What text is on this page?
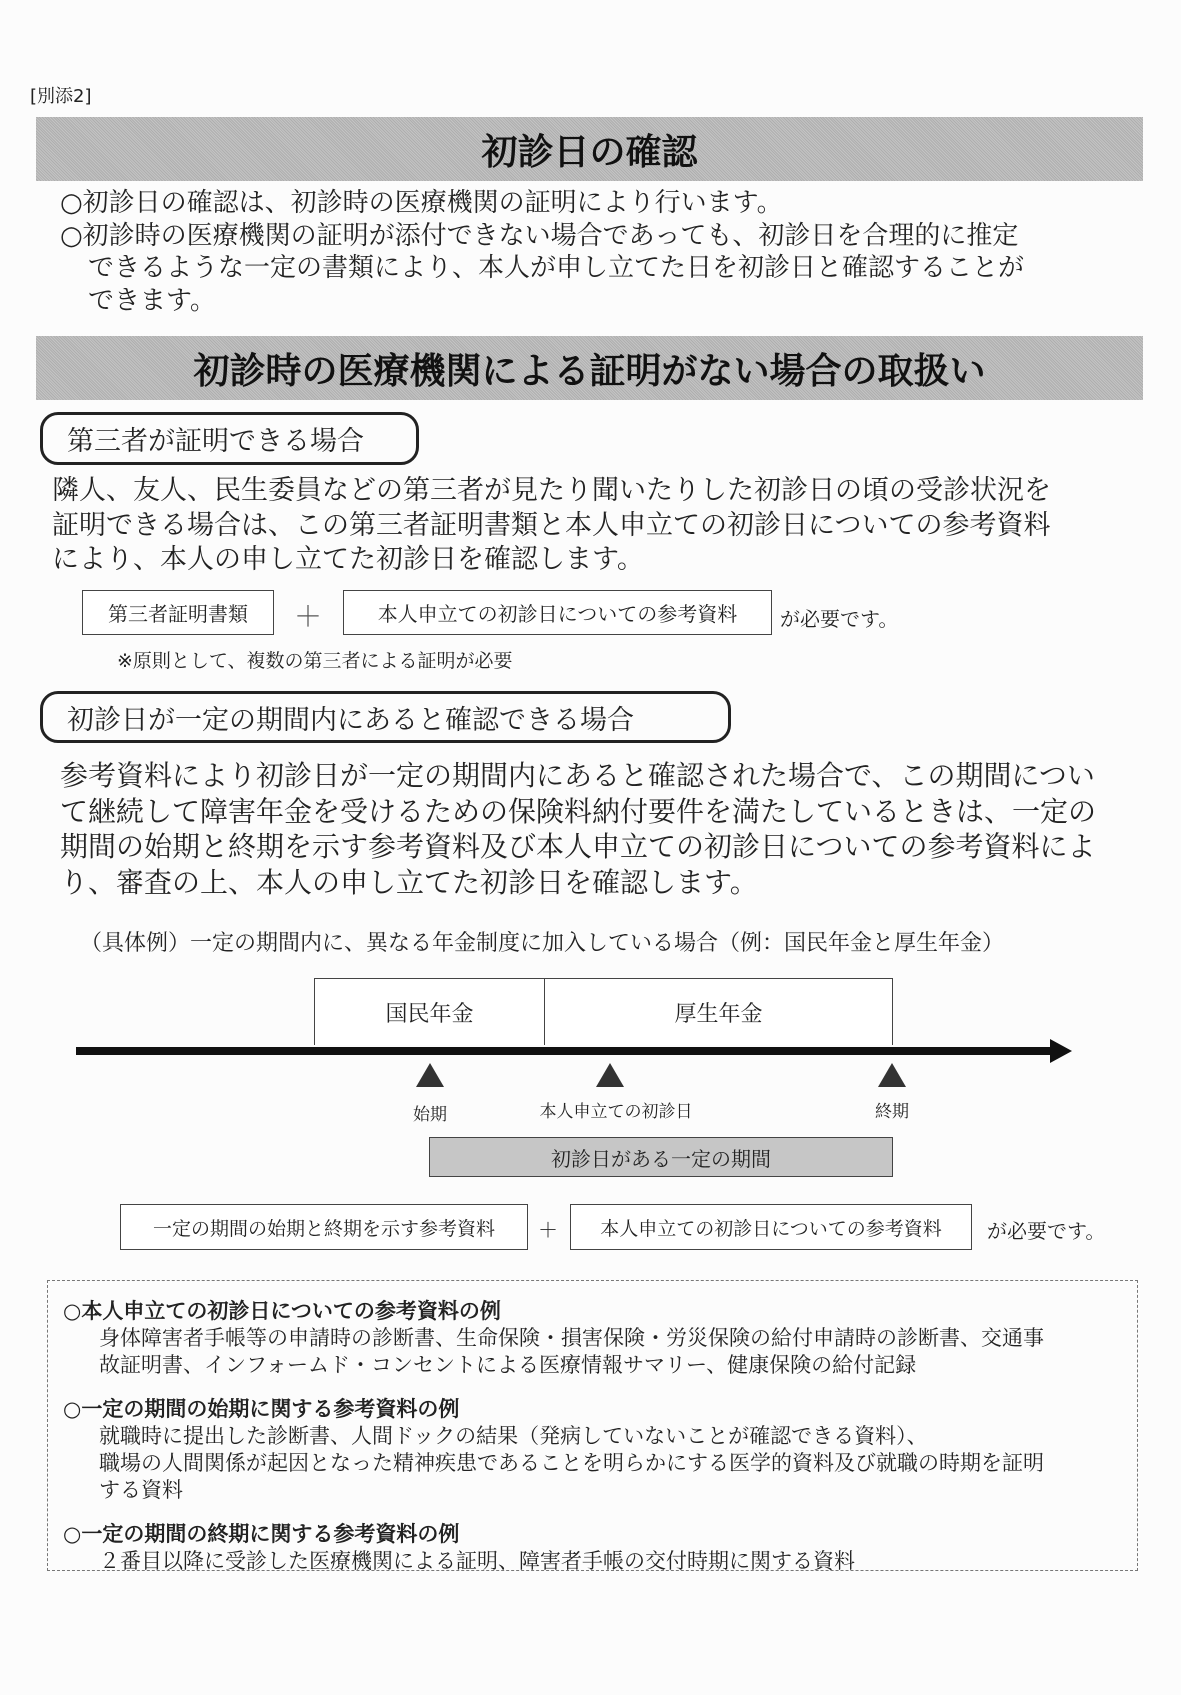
[別添2]
初診日の確認
○初診日の確認は、初診時の医療機関の証明により行います。
○初診時の医療機関の証明が添付できない場合であっても、初診日を合理的に推定
できるような一定の書類により、本人が申し立てた日を初診日と確認することが
できます。
初診時の医療機関による証明がない場合の取扱い
第三者が証明できる場合
隣人、友人、民生委員などの第三者が見たり聞いたりした初診日の頃の受診状況を
証明できる場合は、この第三者証明書類と本人申立ての初診日についての参考資料
により、本人の申し立てた初診日を確認します。
第三者証明書類	＋	本人申立ての初診日についての参考資料	が必要です。
※原則として、複数の第三者による証明が必要
初診日が一定の期間内にあると確認できる場合
参考資料により初診日が一定の期間内にあると確認された場合で、この期間につい
て継続して障害年金を受けるための保険料納付要件を満たしているときは、一定の
期間の始期と終期を示す参考資料及び本人申立ての初診日についての参考資料によ
り、審査の上、本人の申し立てた初診日を確認します。
（具体例）一定の期間内に、異なる年金制度に加入している場合（例：国民年金と厚生年金）
国民年金	厚生年金
始期	本人申立ての初診日	終期
初診日がある一定の期間
一定の期間の始期と終期を示す参考資料	＋	本人申立ての初診日についての参考資料	が必要です。
○本人申立ての初診日についての参考資料の例
身体障害者手帳等の申請時の診断書、生命保険・損害保険・労災保険の給付申請時の診断書、交通事
故証明書、インフォームド・コンセントによる医療情報サマリー、健康保険の給付記録
○一定の期間の始期に関する参考資料の例
就職時に提出した診断書、人間ドックの結果（発病していないことが確認できる資料）、
職場の人間関係が起因となった精神疾患であることを明らかにする医学的資料及び就職の時期を証明
する資料
○一定の期間の終期に関する参考資料の例
２番目以降に受診した医療機関による証明、障害者手帳の交付時期に関する資料
